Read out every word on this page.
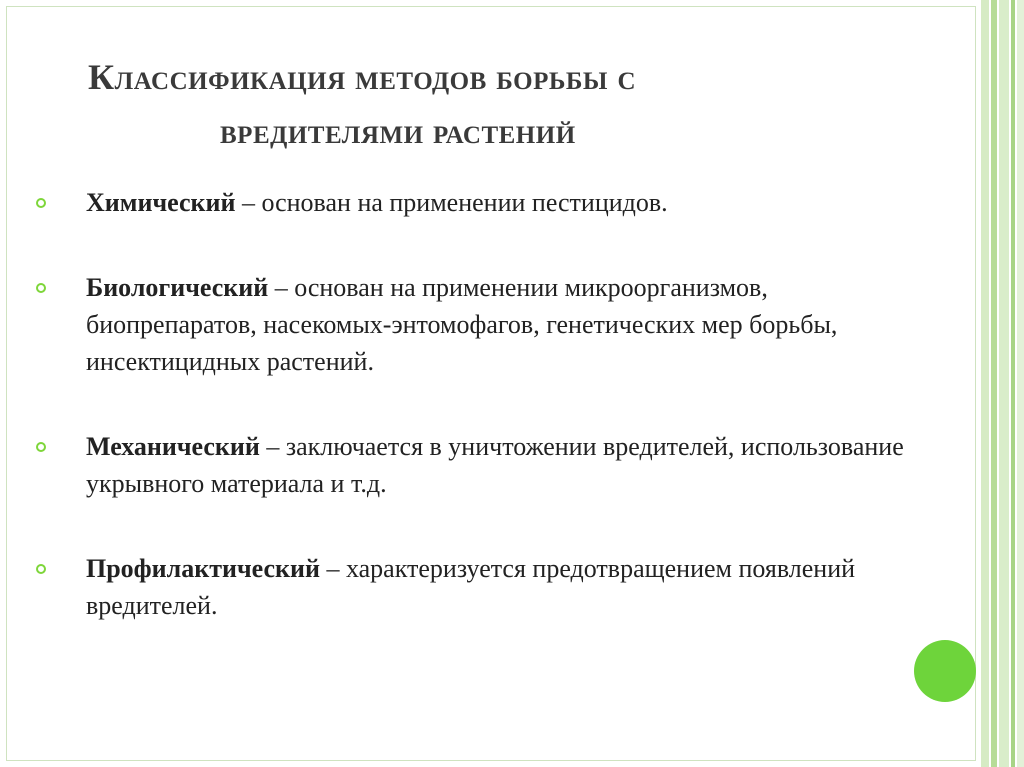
Классификация методов борьбы с
вредителями растений
Химический – основан на применении пестицидов.
Биологический – основан на применении микроорганизмов, биопрепаратов, насекомых-энтомофагов, генетических мер борьбы, инсектицидных растений.
Механический – заключается в уничтожении вредителей, использование укрывного материала и т.д.
Профилактический – характеризуется предотвращением появлений вредителей.
